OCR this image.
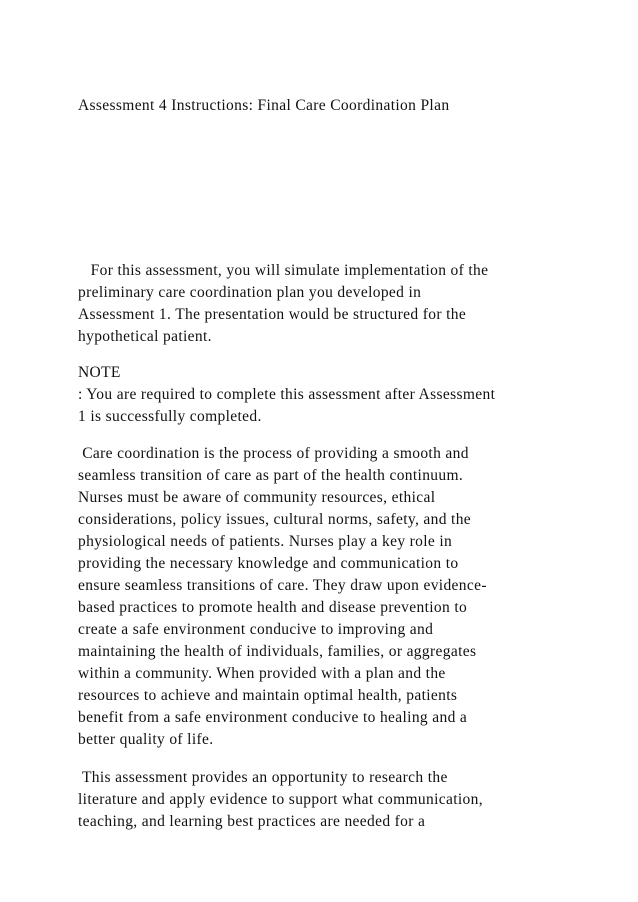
Assessment 4 Instructions: Final Care Coordination Plan
For this assessment, you will simulate implementation of the
preliminary care coordination plan you developed in
Assessment 1. The presentation would be structured for the
hypothetical patient.
NOTE
: You are required to complete this assessment after Assessment
1 is successfully completed.
Care coordination is the process of providing a smooth and
seamless transition of care as part of the health continuum.
Nurses must be aware of community resources, ethical
considerations, policy issues, cultural norms, safety, and the
physiological needs of patients. Nurses play a key role in
providing the necessary knowledge and communication to
ensure seamless transitions of care. They draw upon evidence-
based practices to promote health and disease prevention to
create a safe environment conducive to improving and
maintaining the health of individuals, families, or aggregates
within a community. When provided with a plan and the
resources to achieve and maintain optimal health, patients
benefit from a safe environment conducive to healing and a
better quality of life.
This assessment provides an opportunity to research the
literature and apply evidence to support what communication,
teaching, and learning best practices are needed for a
